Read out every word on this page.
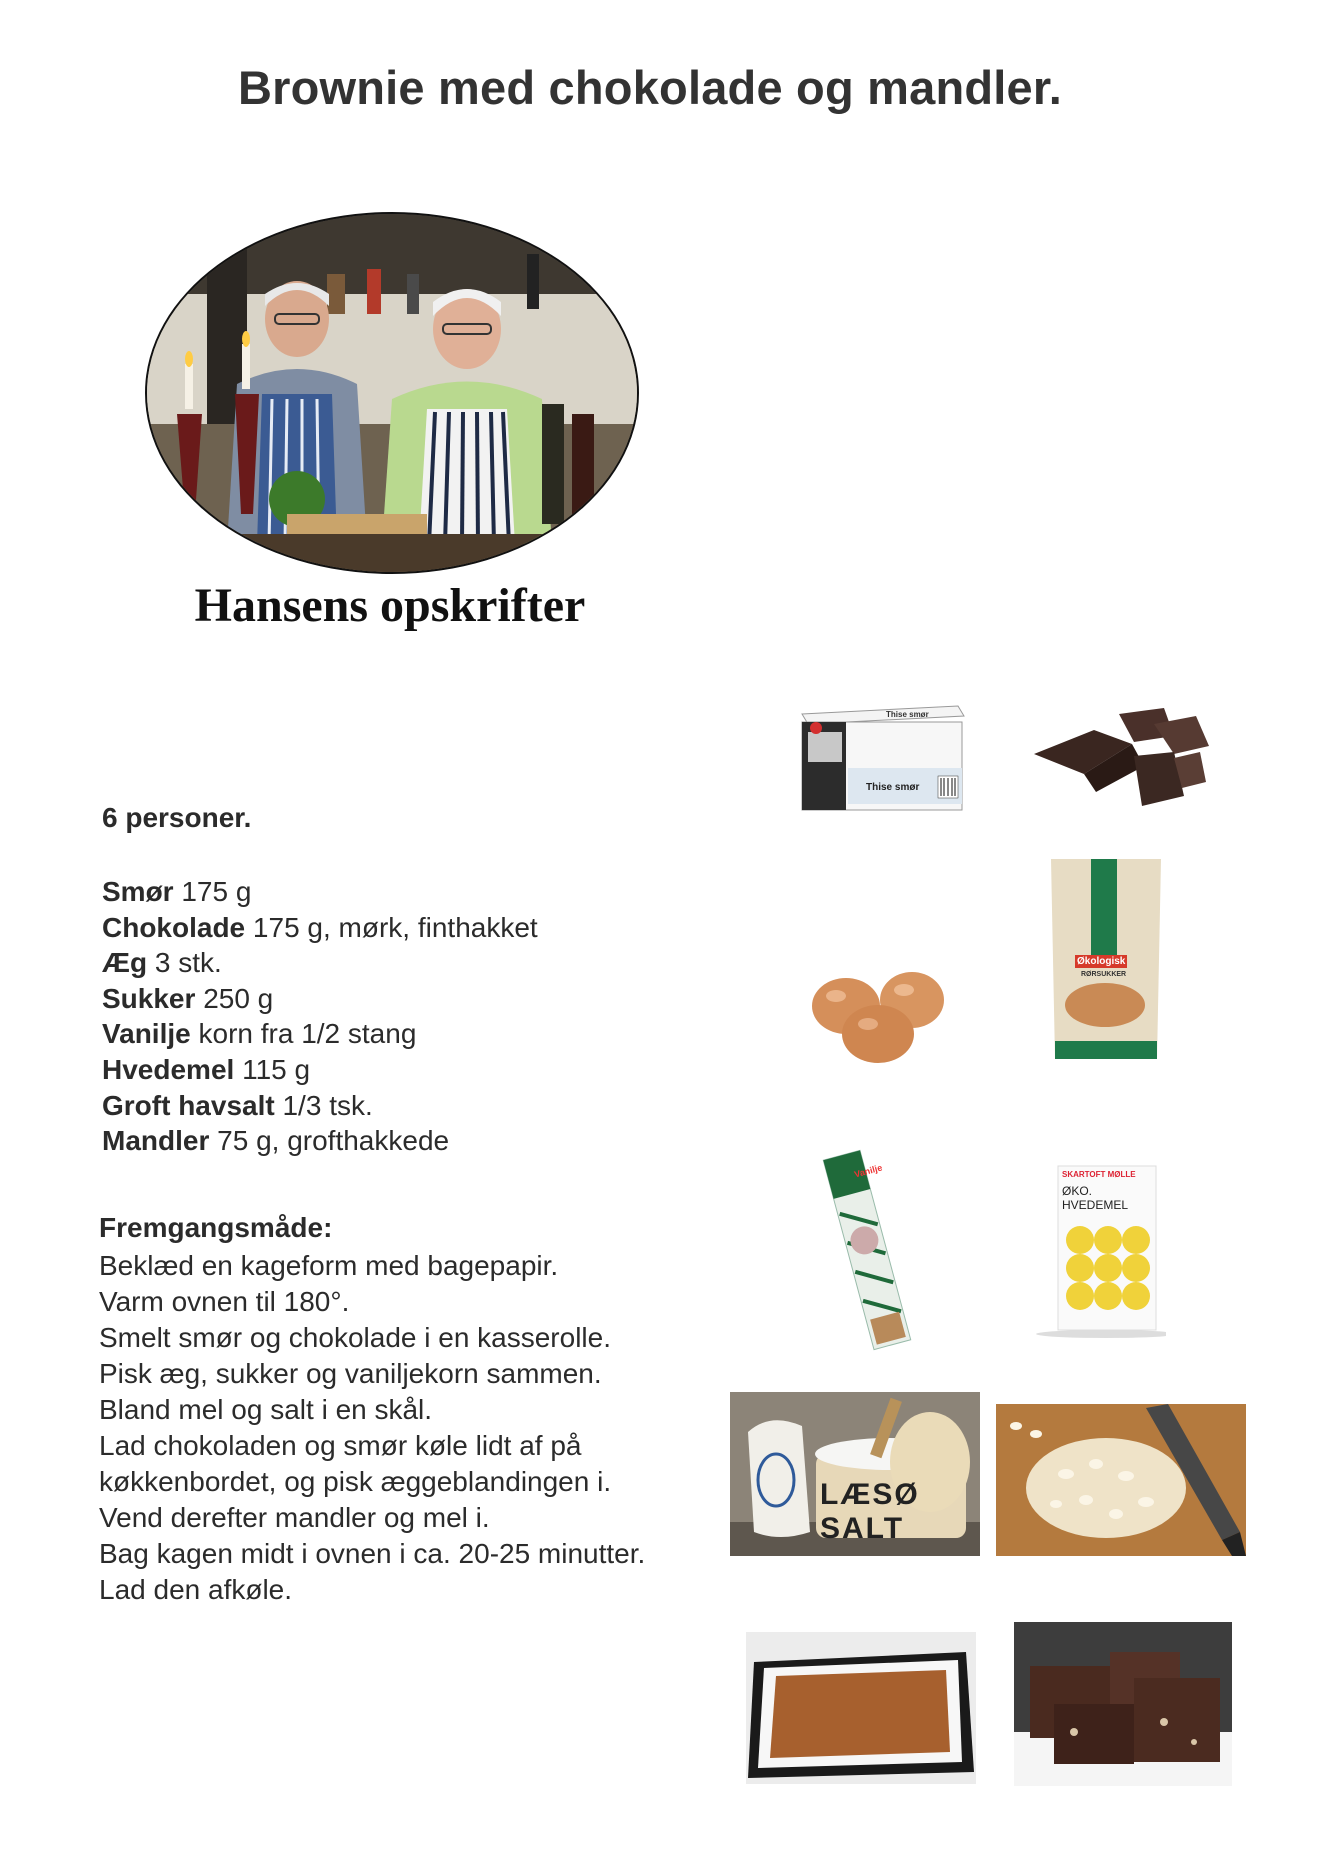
Brownie med chokolade og mandler.
Hansens opskrifter
6 personer.
Smør 175 g
Chokolade 175 g, mørk, finthakket
Æg 3 stk.
Sukker 250 g
Vanilje korn fra 1/2 stang
Hvedemel 115 g
Groft havsalt 1/3 tsk.
Mandler 75 g, grofthakkede
Fremgangsmåde:
Beklæd en kageform med bagepapir.
Varm ovnen til 180°.
Smelt smør og chokolade i en kasserolle.
Pisk æg, sukker og vaniljekorn sammen.
Bland mel og salt i en skål.
Lad chokoladen og smør køle lidt af på køkkenbordet, og pisk æggeblandingen i.
Vend derefter mandler og mel i.
Bag kagen midt i ovnen i ca. 20-25 minutter.
Lad den afkøle.
Thise smør
Thise smør
Økologisk
RØRSUKKER
Vanilje	SKARTOFT MØLLE
ØKO.
HVEDEMEL
LÆSØ SALT
